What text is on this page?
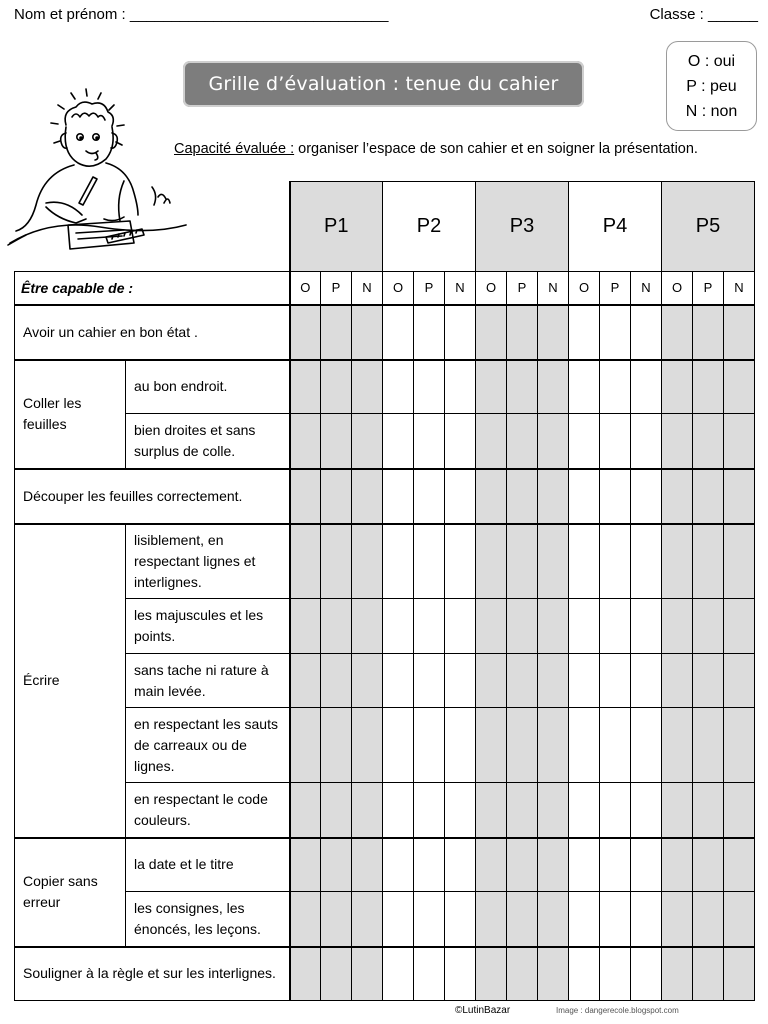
Nom et prénom : _______________________________	Classe : ______
Grille d’évaluation : tenue du cahier
O : oui
P : peu
N : non
Capacité évaluée : organiser l’espace de son cahier et en soigner la présentation.
		P1			P2			P3			P4			P5		
Être capable de :		O	P	N	O	P	N	O	P	N	O	P	N	O	P	N
Avoir un cahier en bon état .																
Coller les feuilles	au bon endroit.															
	bien droites et sans surplus de colle.															
Découper les feuilles correctement.																
Écrire	lisiblement, en respectant lignes et interlignes.															
	les majuscules et les points.															
	sans tache ni rature à main levée.															
	en respectant les sauts de carreaux ou de lignes.															
	en respectant le code couleurs.															
Copier sans erreur	la date et le titre															
	les consignes, les énoncés, les leçons.															
Souligner à la règle et sur les interlignes.																
©LutinBazar	Image : dangerecole.blogspot.com
